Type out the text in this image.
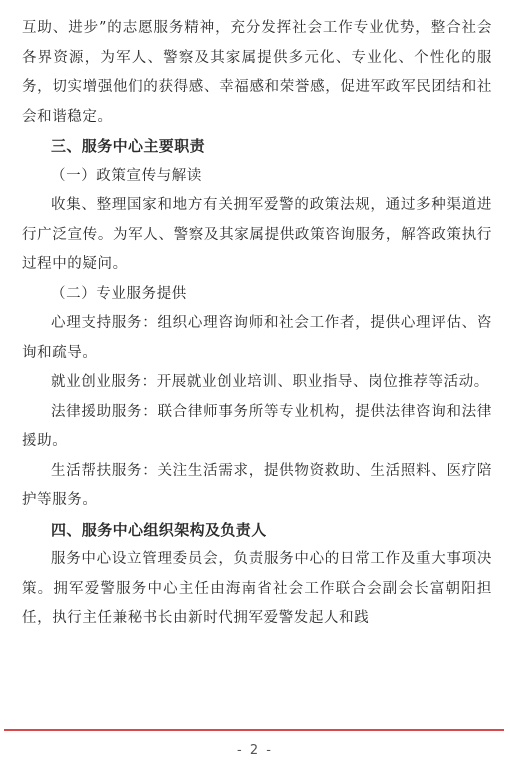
互助、进步”的志愿服务精神，充分发挥社会工作专业优势，整合社会各界资源，为军人、警察及其家属提供多元化、专业化、个性化的服务，切实增强他们的获得感、幸福感和荣誉感，促进军政军民团结和社会和谐稳定。

三、服务中心主要职责

（一）政策宣传与解读

收集、整理国家和地方有关拥军爱警的政策法规，通过多种渠道进行广泛宣传。为军人、警察及其家属提供政策咨询服务，解答政策执行过程中的疑问。

（二）专业服务提供

心理支持服务：组织心理咨询师和社会工作者，提供心理评估、咨询和疏导。

就业创业服务：开展就业创业培训、职业指导、岗位推荐等活动。

法律援助服务：联合律师事务所等专业机构，提供法律咨询和法律援助。

生活帮扶服务：关注生活需求，提供物资救助、生活照料、医疗陪护等服务。

四、服务中心组织架构及负责人

服务中心设立管理委员会，负责服务中心的日常工作及重大事项决策。拥军爱警服务中心主任由海南省社会工作联合会副会长富朝阳担任，执行主任兼秘书长由新时代拥军爱警发起人和践

- 2 -
